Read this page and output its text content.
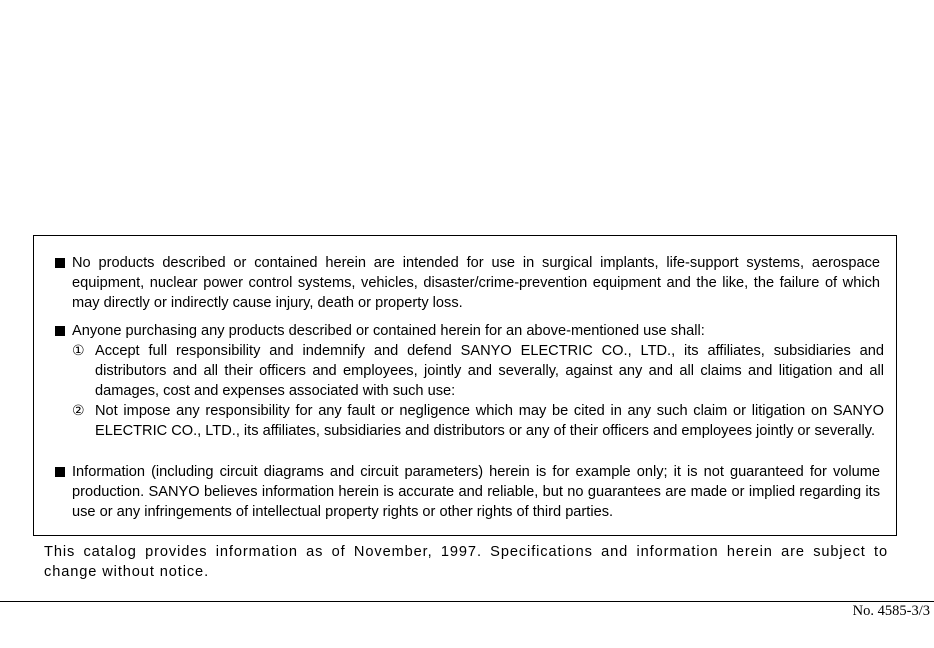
No products described or contained herein are intended for use in surgical implants, life-support systems, aerospace equipment, nuclear power control systems, vehicles, disaster/crime-prevention equipment and the like, the failure of which may directly or indirectly cause injury, death or property loss.
Anyone purchasing any products described or contained herein for an above-mentioned use shall:
① Accept full responsibility and indemnify and defend SANYO ELECTRIC CO., LTD., its affiliates, subsidiaries and distributors and all their officers and employees, jointly and severally, against any and all claims and litigation and all damages, cost and expenses associated with such use:
② Not impose any responsibility for any fault or negligence which may be cited in any such claim or litigation on SANYO ELECTRIC CO., LTD., its affiliates, subsidiaries and distributors or any of their officers and employees jointly or severally.
Information (including circuit diagrams and circuit parameters) herein is for example only; it is not guaranteed for volume production. SANYO believes information herein is accurate and reliable, but no guarantees are made or implied regarding its use or any infringements of intellectual property rights or other rights of third parties.
This catalog provides information as of November, 1997. Specifications and information herein are subject to change without notice.
No. 4585-3/3
